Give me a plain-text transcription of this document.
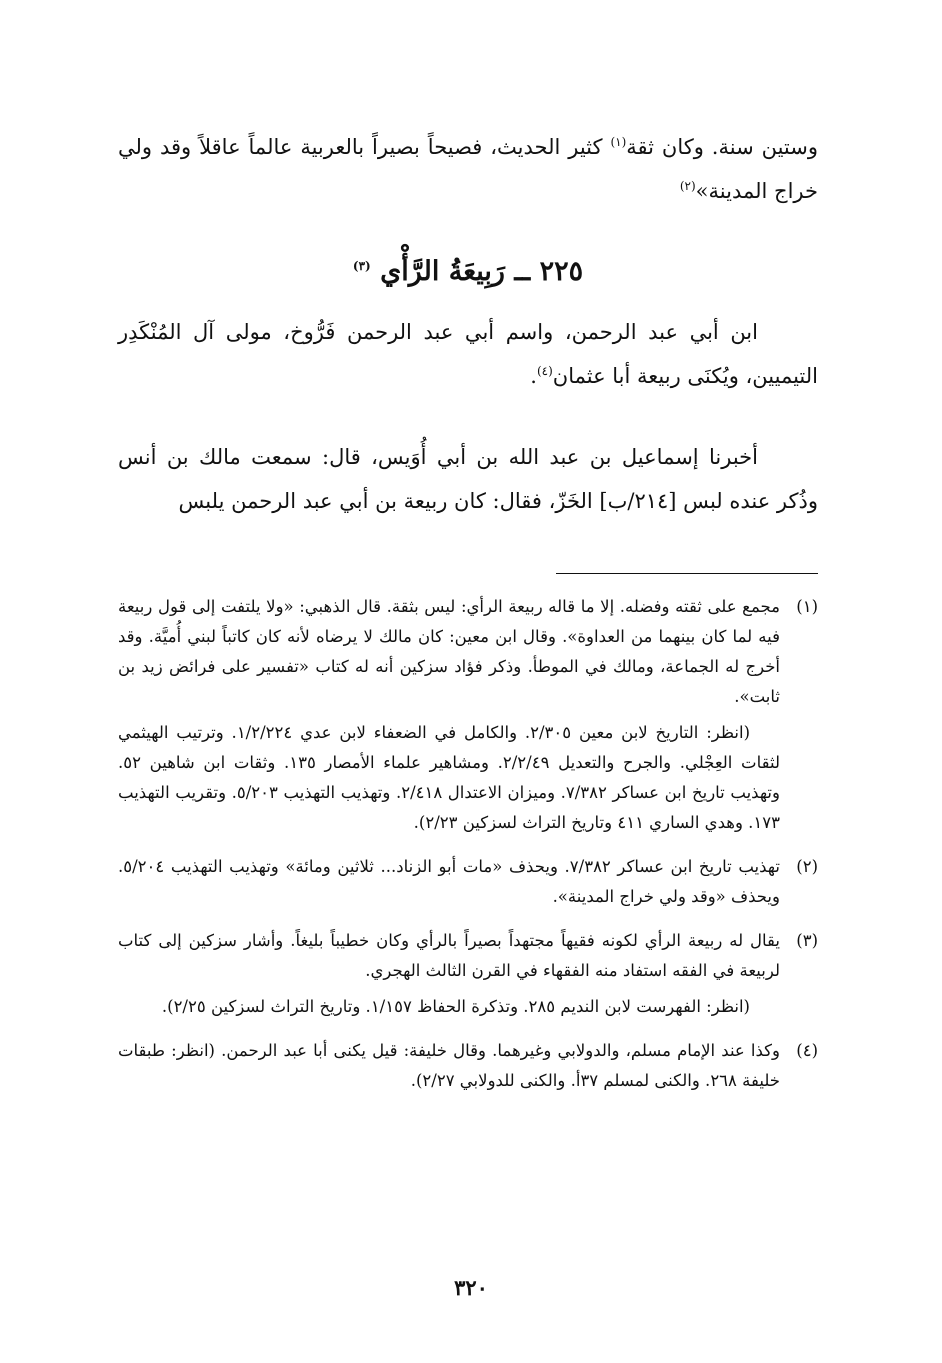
وستين سنة. وكان ثقة$^{(١)}$ كثير الحديث، فصيحاً بصيراً بالعربية عالماً عاقلاً وقد ولي خراج المدينة»$^{(٢)}$

٢٢٥ ــ رَبِيعَةُ الرَّأْي $^{(٣)}$

ابن أبي عبد الرحمن، واسم أبي عبد الرحمن فَرُّوخ، مولى آل المُنْكَدِر التيميين، ويُكنَى ربيعة أبا عثمان$^{(٤)}$.

أخبرنا إسماعيل بن عبد الله بن أبي أُوَيس، قال: سمعت مالك بن أنس وذُكر عنده لبس [٢١٤/ب] الخَزّ، فقال: كان ربيعة بن أبي عبد الرحمن يلبس

(١)

مجمع على ثقته وفضله. إلا ما قاله ربيعة الرأي: ليس بثقة. قال الذهبي: «ولا يلتفت إلى قول ربيعة فيه لما كان بينهما من العداوة». وقال ابن معين: كان مالك لا يرضاه لأنه كان كاتباً لبني أُميَّة. وقد أخرج له الجماعة، ومالك في الموطأ. وذكر فؤاد سزكين أنه له كتاب «تفسير على فرائض زيد بن ثابت».

(انظر: التاريخ لابن معين ٢/٣٠٥. والكامل في الضعفاء لابن عدي ١/٢/٢٢٤. وترتيب الهيثمي لثقات العِجْلي. والجرح والتعديل ٢/٢/٤٩. ومشاهير علماء الأمصار ١٣٥. وثقات ابن شاهين ٥٢. وتهذيب تاريخ ابن عساكر ٧/٣٨٢. وميزان الاعتدال ٢/٤١٨. وتهذيب التهذيب ٥/٢٠٣. وتقريب التهذيب ١٧٣. وهدي الساري ٤١١ وتاريخ التراث لسزكين ٢/٢٣).

(٢)

تهذيب تاريخ ابن عساكر ٧/٣٨٢. ويحذف «مات أبو الزناد... ثلاثين ومائة» وتهذيب التهذيب ٥/٢٠٤. ويحذف «وقد ولي خراج المدينة».

(٣)

يقال له ربيعة الرأي لكونه فقيهاً مجتهداً بصيراً بالرأي وكان خطيباً بليغاً. وأشار سزكين إلى كتاب لربيعة في الفقه استفاد منه الفقهاء في القرن الثالث الهجري.

(انظر: الفهرست لابن النديم ٢٨٥. وتذكرة الحفاظ ١/١٥٧. وتاريخ التراث لسزكين ٢/٢٥).

(٤)

وكذا عند الإمام مسلم، والدولابي وغيرهما. وقال خليفة: قيل يكنى أبا عبد الرحمن. (انظر: طبقات خليفة ٢٦٨. والكنى لمسلم ٣٧أ. والكنى للدولابي ٢/٢٧).

٣٢٠
